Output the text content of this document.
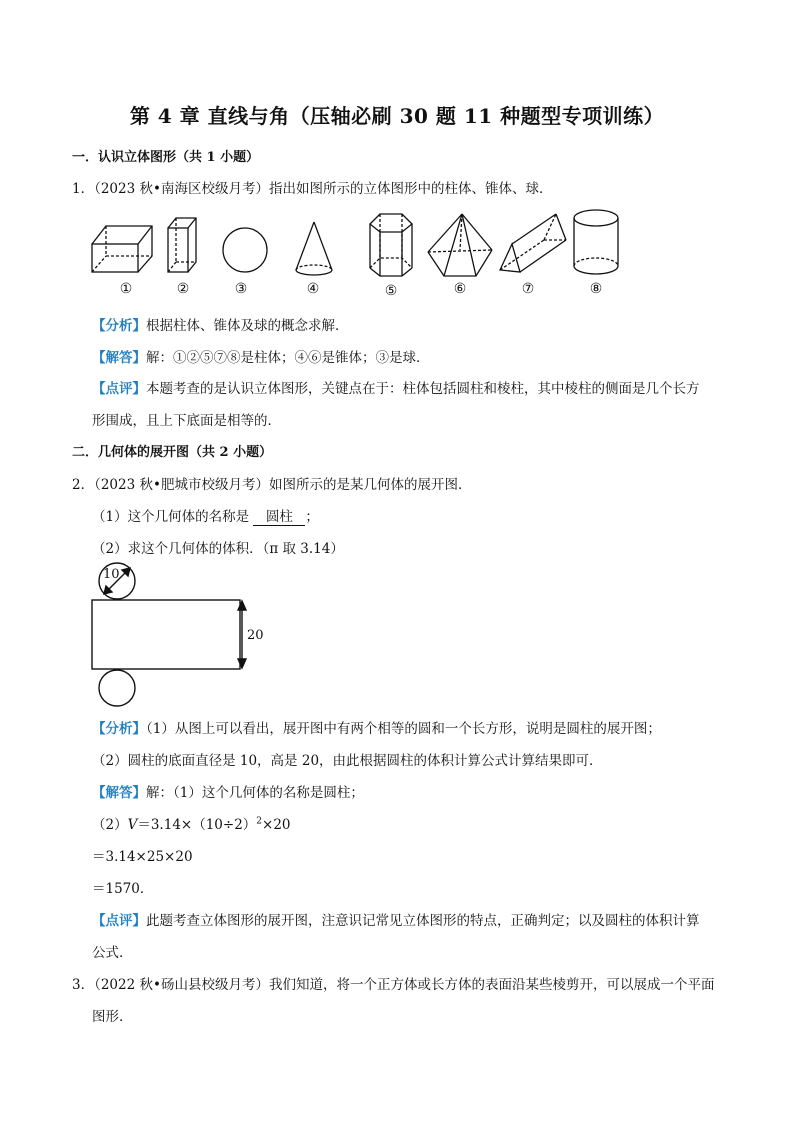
第 4 章 直线与角（压轴必刷 30 题 11 种题型专项训练）
一．认识立体图形（共 1 小题）
1．（2023 秋•南海区校级月考）指出如图所示的立体图形中的柱体、锥体、球．
①	②	③	④	⑤	⑥	⑦	⑧
【分析】根据柱体、锥体及球的概念求解．
【解答】解：①②⑤⑦⑧是柱体；④⑥是锥体；③是球．
【点评】本题考查的是认识立体图形，关键点在于：柱体包括圆柱和棱柱，其中棱柱的侧面是几个长方
形围成，且上下底面是相等的．
二．几何体的展开图（共 2 小题）
2．（2023 秋•肥城市校级月考）如图所示的是某几何体的展开图．
（1）这个几何体的名称是 圆柱 ；
（2）求这个几何体的体积．（π 取 3.14）
10
20
【分析】（1）从图上可以看出，展开图中有两个相等的圆和一个长方形，说明是圆柱的展开图；
（2）圆柱的底面直径是 10，高是 20，由此根据圆柱的体积计算公式计算结果即可．
【解答】解：（1）这个几何体的名称是圆柱；
$(2)V=3.14\times(10\div 2)^2\times 20$
＝3.14×25×20
＝1570．
【点评】此题考查立体图形的展开图，注意识记常见立体图形的特点，正确判定；以及圆柱的体积计算
公式．
3．（2022 秋•砀山县校级月考）我们知道，将一个正方体或长方体的表面沿某些棱剪开，可以展成一个平面
图形．
